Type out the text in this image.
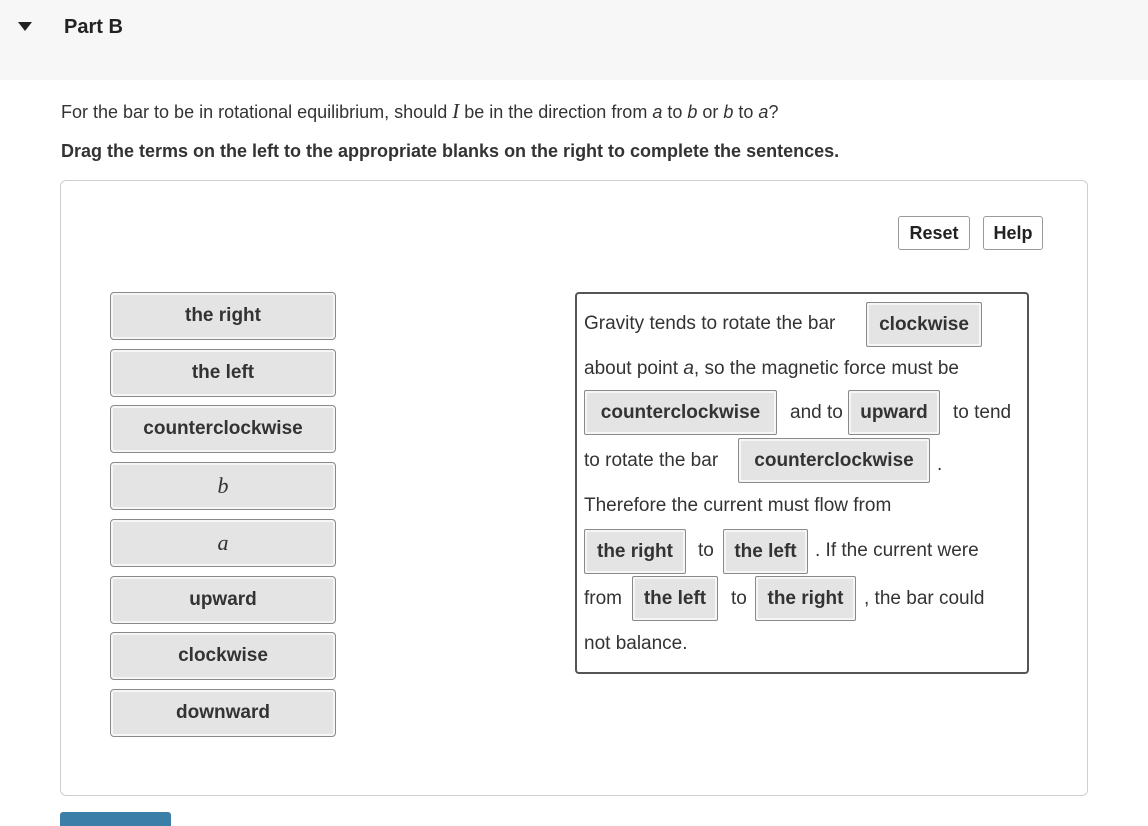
Part B
For the bar to be in rotational equilibrium, should I be in the direction from a to b or b to a?
Drag the terms on the left to the appropriate blanks on the right to complete the sentences.
Reset	Help
the right
the left
counterclockwise
b
a
upward
clockwise
downward
Gravity tends to rotate the bar	clockwise
about point a, so the magnetic force must be
counterclockwise	and to upward	to tend
to rotate the bar	counterclockwise	.
Therefore the current must flow from
the right	to	the left . If the current were
from	the left	to	the right	, the bar could
not balance.
